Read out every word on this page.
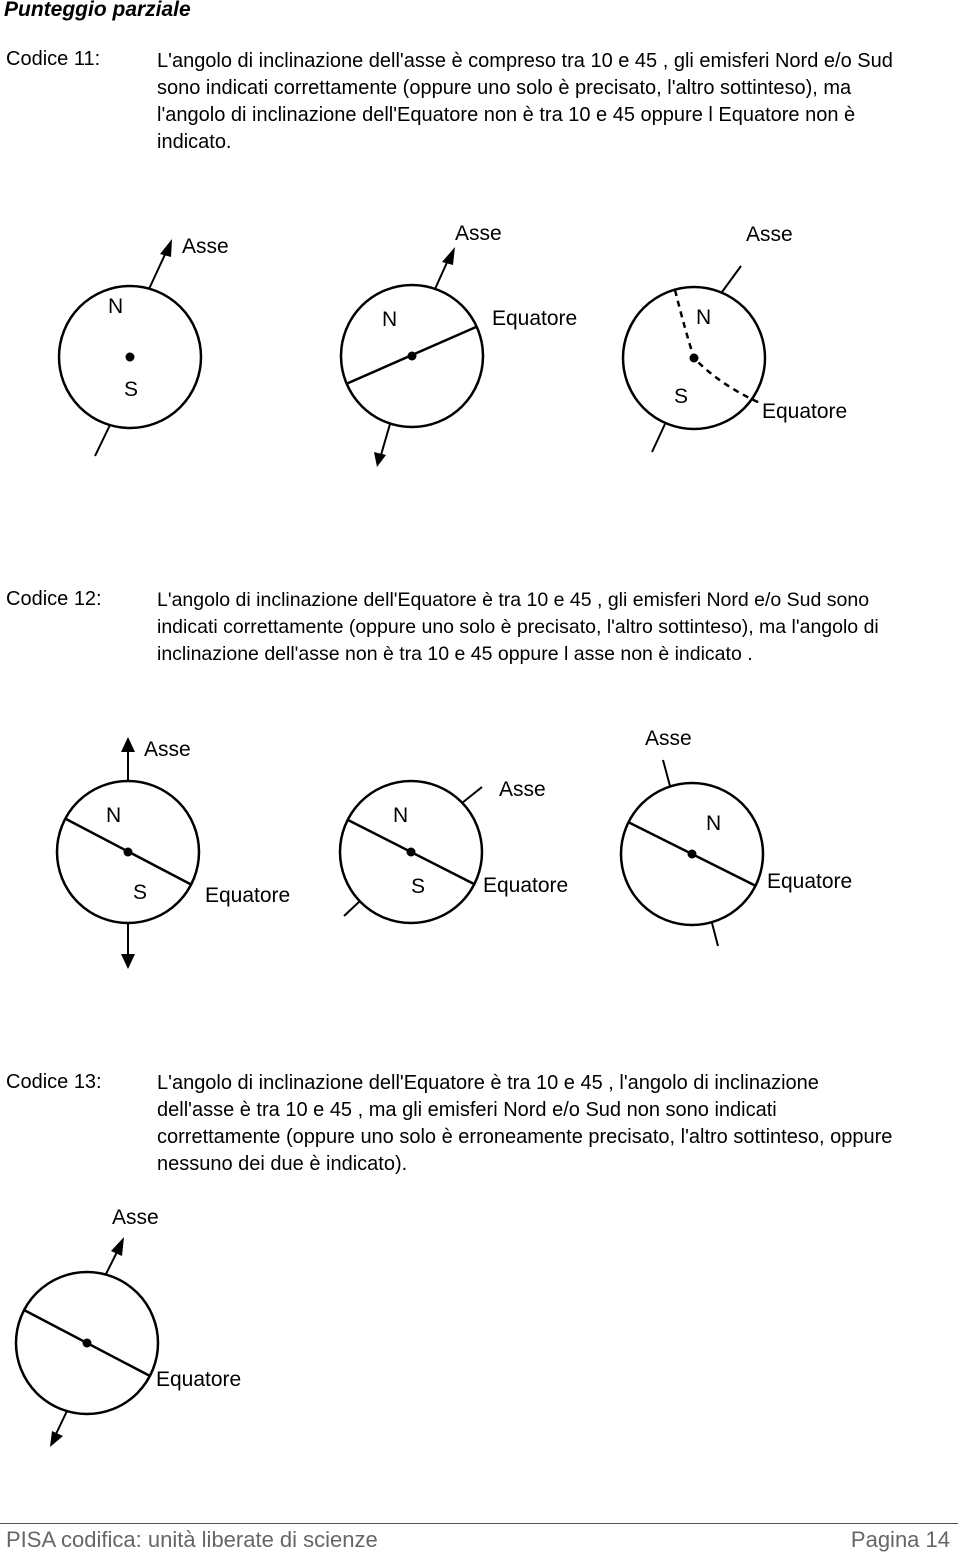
Punteggio parziale
Codice 11:	L'angolo di inclinazione dell'asse è compreso tra 10 e 45 , gli emisferi Nord e/o Sud sono indicati correttamente (oppure uno solo è precisato, l'altro sottinteso), ma l'angolo di inclinazione dell'Equatore non è tra 10 e 45 oppure l Equatore non è indicato.
Asse
N
S
Asse
N	Equatore
Asse
N
S
Equatore
Codice 12:	L'angolo di inclinazione dell'Equatore è tra 10 e 45 , gli emisferi Nord e/o Sud sono indicati correttamente (oppure uno solo è precisato, l'altro sottinteso), ma l'angolo di inclinazione dell'asse non è tra 10 e 45 oppure l asse non è indicato .
Asse
N
S	Equatore
Asse
N
S	Equatore
Asse
N
Equatore
Codice 13:	L'angolo di inclinazione dell'Equatore è tra 10 e 45 , l'angolo di inclinazione dell'asse è tra 10 e 45 , ma gli emisferi Nord e/o Sud non sono indicati correttamente (oppure uno solo è erroneamente precisato, l'altro sottinteso, oppure nessuno dei due è indicato).
Asse
Equatore
PISA codifica: unità liberate di scienze	Pagina 14
